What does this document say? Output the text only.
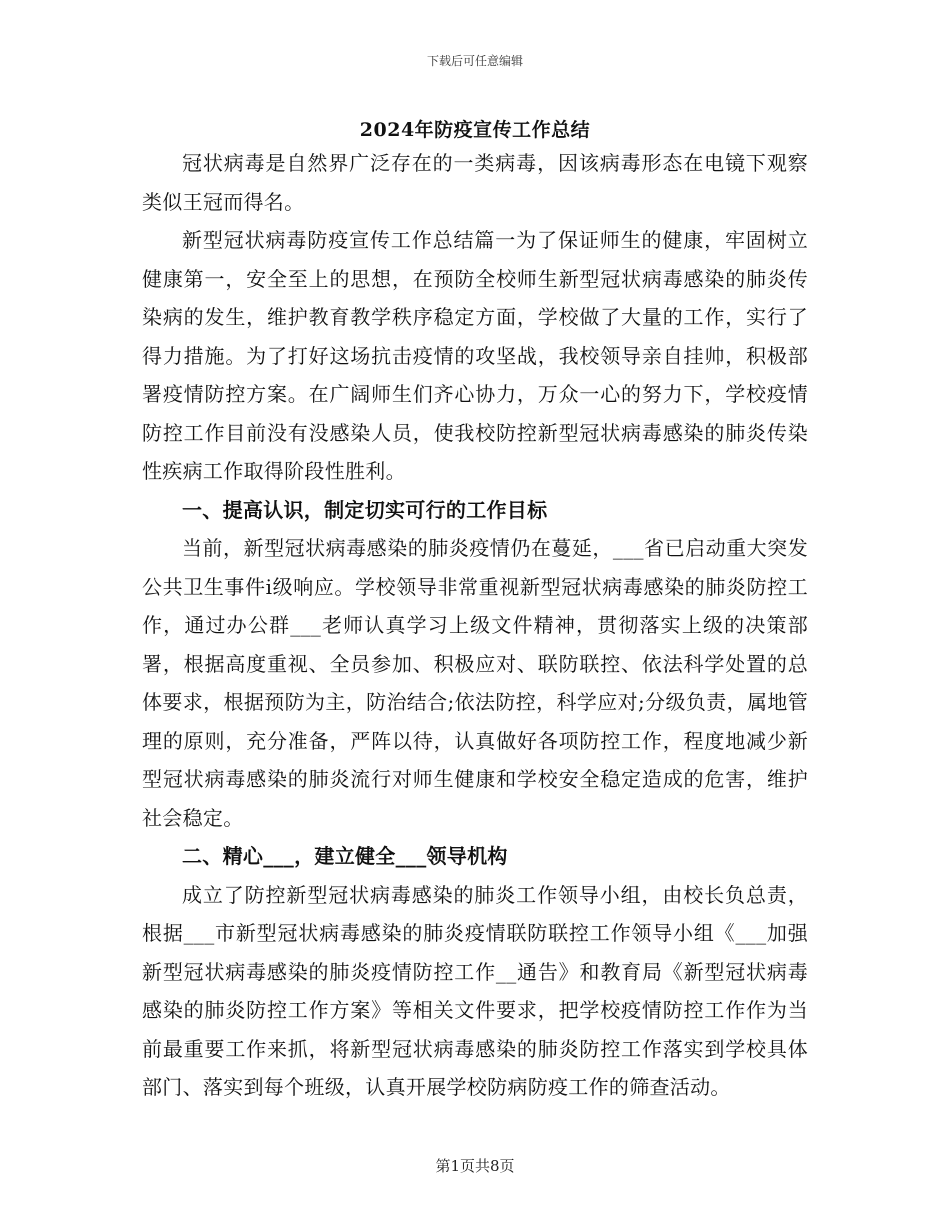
下载后可任意编辑
2024年防疫宣传工作总结

冠状病毒是自然界广泛存在的一类病毒，因该病毒形态在电镜下观察类似王冠而得名。

新型冠状病毒防疫宣传工作总结篇一为了保证师生的健康，牢固树立健康第一，安全至上的思想，在预防全校师生新型冠状病毒感染的肺炎传染病的发生，维护教育教学秩序稳定方面，学校做了大量的工作，实行了得力措施。为了打好这场抗击疫情的攻坚战，我校领导亲自挂帅，积极部署疫情防控方案。在广阔师生们齐心协力，万众一心的努力下，学校疫情防控工作目前没有没感染人员，使我校防控新型冠状病毒感染的肺炎传染性疾病工作取得阶段性胜利。

一、提高认识，制定切实可行的工作目标

当前，新型冠状病毒感染的肺炎疫情仍在蔓延，___省已启动重大突发公共卫生事件i级响应。学校领导非常重视新型冠状病毒感染的肺炎防控工作，通过办公群___老师认真学习上级文件精神，贯彻落实上级的决策部署，根据高度重视、全员参加、积极应对、联防联控、依法科学处置的总体要求，根据预防为主，防治结合;依法防控，科学应对;分级负责，属地管理的原则，充分准备，严阵以待，认真做好各项防控工作，程度地减少新型冠状病毒感染的肺炎流行对师生健康和学校安全稳定造成的危害，维护社会稳定。

二、精心___，建立健全___领导机构

成立了防控新型冠状病毒感染的肺炎工作领导小组，由校长负总责，根据___市新型冠状病毒感染的肺炎疫情联防联控工作领导小组《___加强新型冠状病毒感染的肺炎疫情防控工作__通告》和教育局《新型冠状病毒感染的肺炎防控工作方案》等相关文件要求，把学校疫情防控工作作为当前最重要工作来抓，将新型冠状病毒感染的肺炎防控工作落实到学校具体部门、落实到每个班级，认真开展学校防病防疫工作的筛查活动。

第1页共8页
